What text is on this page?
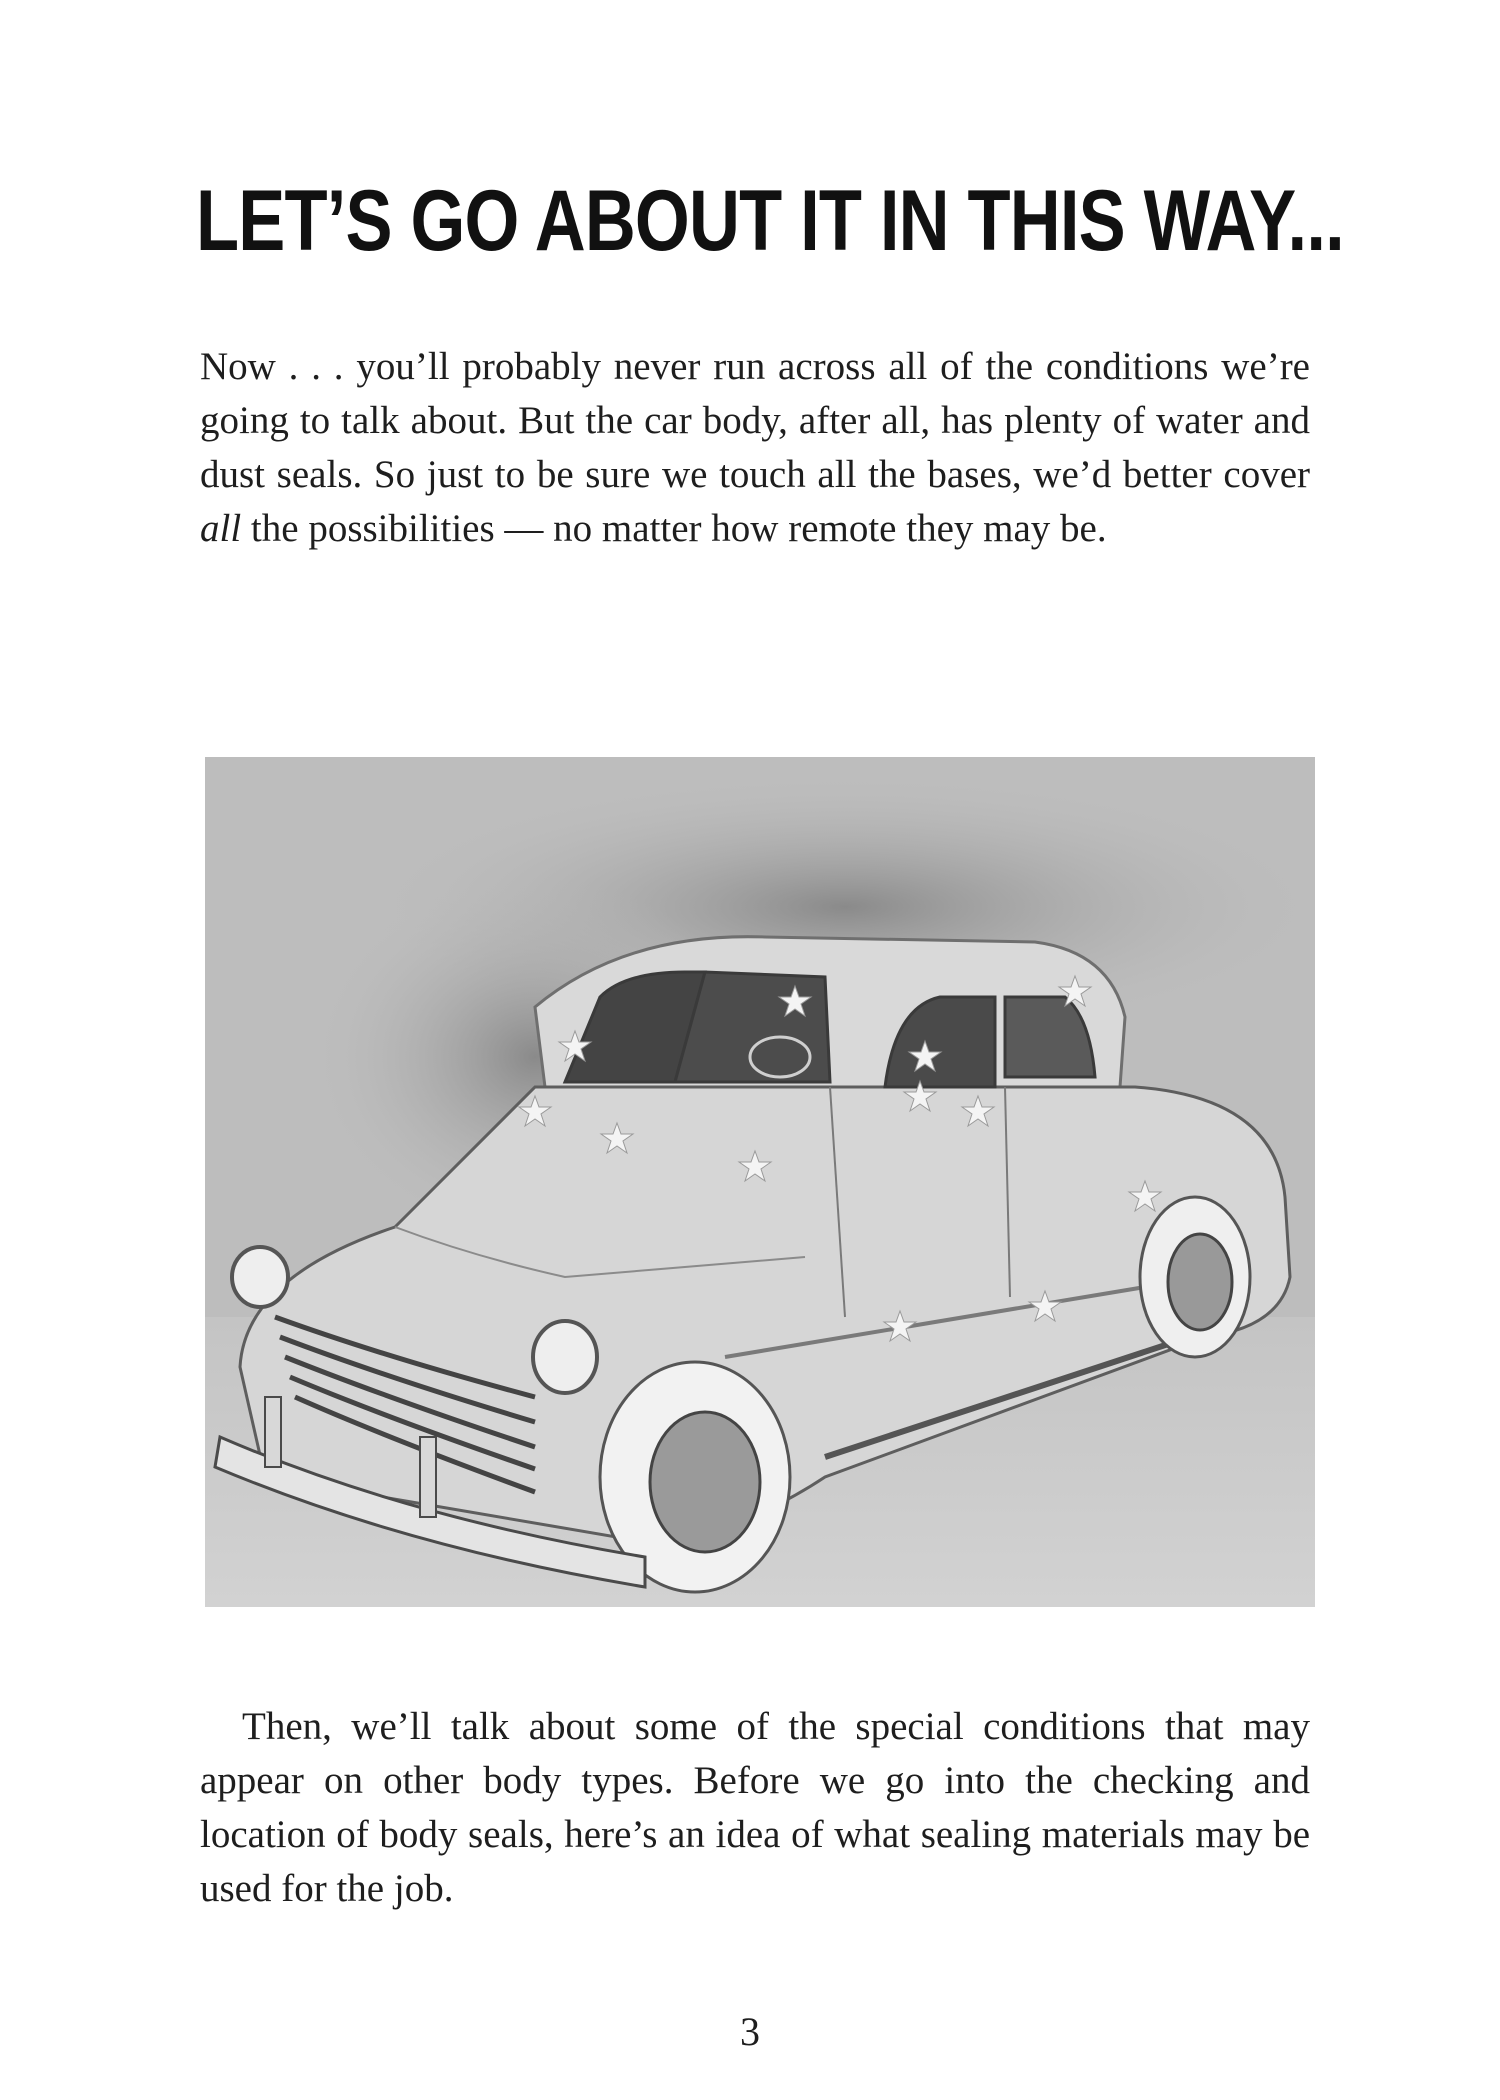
LET’S GO ABOUT IT IN THIS WAY...

Now . . . you’ll probably never run across all of the conditions we’re going to talk about. But the car body, after all, has plenty of water and dust seals. So just to be sure we touch all the bases, we’d better cover all the possibilities — no matter how remote they may be.

Then, we’ll talk about some of the special conditions that may appear on other body types. Before we go into the checking and location of body seals, here’s an idea of what sealing materials may be used for the job.

3
